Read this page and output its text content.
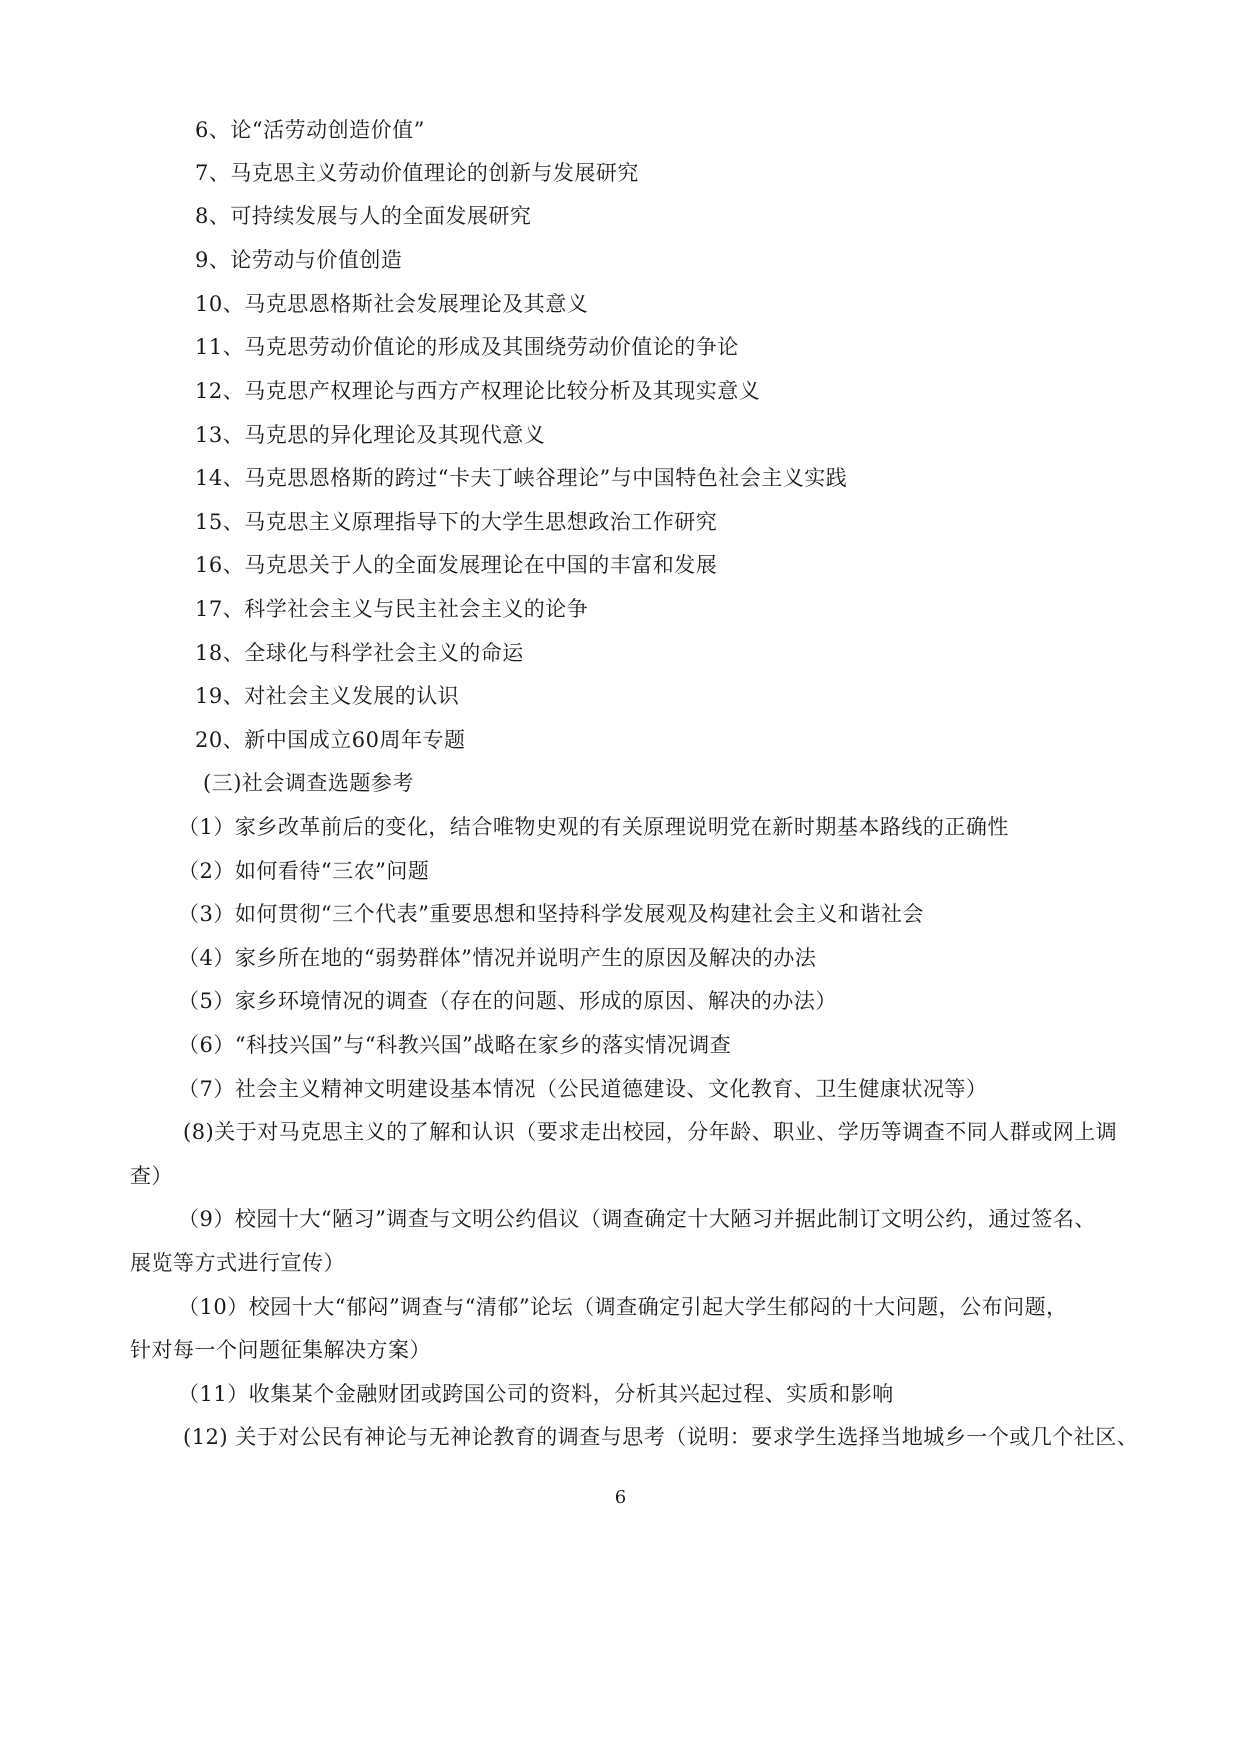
6、论“活劳动创造价值”
7、马克思主义劳动价值理论的创新与发展研究
8、可持续发展与人的全面发展研究
9、论劳动与价值创造
10、马克思恩格斯社会发展理论及其意义
11、马克思劳动价值论的形成及其围绕劳动价值论的争论
12、马克思产权理论与西方产权理论比较分析及其现实意义
13、马克思的异化理论及其现代意义
14、马克思恩格斯的跨过“卡夫丁峡谷理论”与中国特色社会主义实践
15、马克思主义原理指导下的大学生思想政治工作研究
16、马克思关于人的全面发展理论在中国的丰富和发展
17、科学社会主义与民主社会主义的论争
18、全球化与科学社会主义的命运
19、对社会主义发展的认识
20、新中国成立60周年专题
(三)社会调查选题参考
（1）家乡改革前后的变化，结合唯物史观的有关原理说明党在新时期基本路线的正确性
（2）如何看待“三农”问题
（3）如何贯彻“三个代表”重要思想和坚持科学发展观及构建社会主义和谐社会
（4）家乡所在地的“弱势群体”情况并说明产生的原因及解决的办法
（5）家乡环境情况的调查（存在的问题、形成的原因、解决的办法）
（6）“科技兴国”与“科教兴国”战略在家乡的落实情况调查
（7）社会主义精神文明建设基本情况（公民道德建设、文化教育、卫生健康状况等）
(8)关于对马克思主义的了解和认识（要求走出校园，分年龄、职业、学历等调查不同人群或网上调
查）
（9）校园十大“陋习”调查与文明公约倡议（调查确定十大陋习并据此制订文明公约，通过签名、
展览等方式进行宣传）
（10）校园十大“郁闷”调查与“清郁”论坛（调查确定引起大学生郁闷的十大问题，公布问题，
针对每一个问题征集解决方案）
（11）收集某个金融财团或跨国公司的资料，分析其兴起过程、实质和影响
(12) 关于对公民有神论与无神论教育的调查与思考（说明：要求学生选择当地城乡一个或几个社区、
6
